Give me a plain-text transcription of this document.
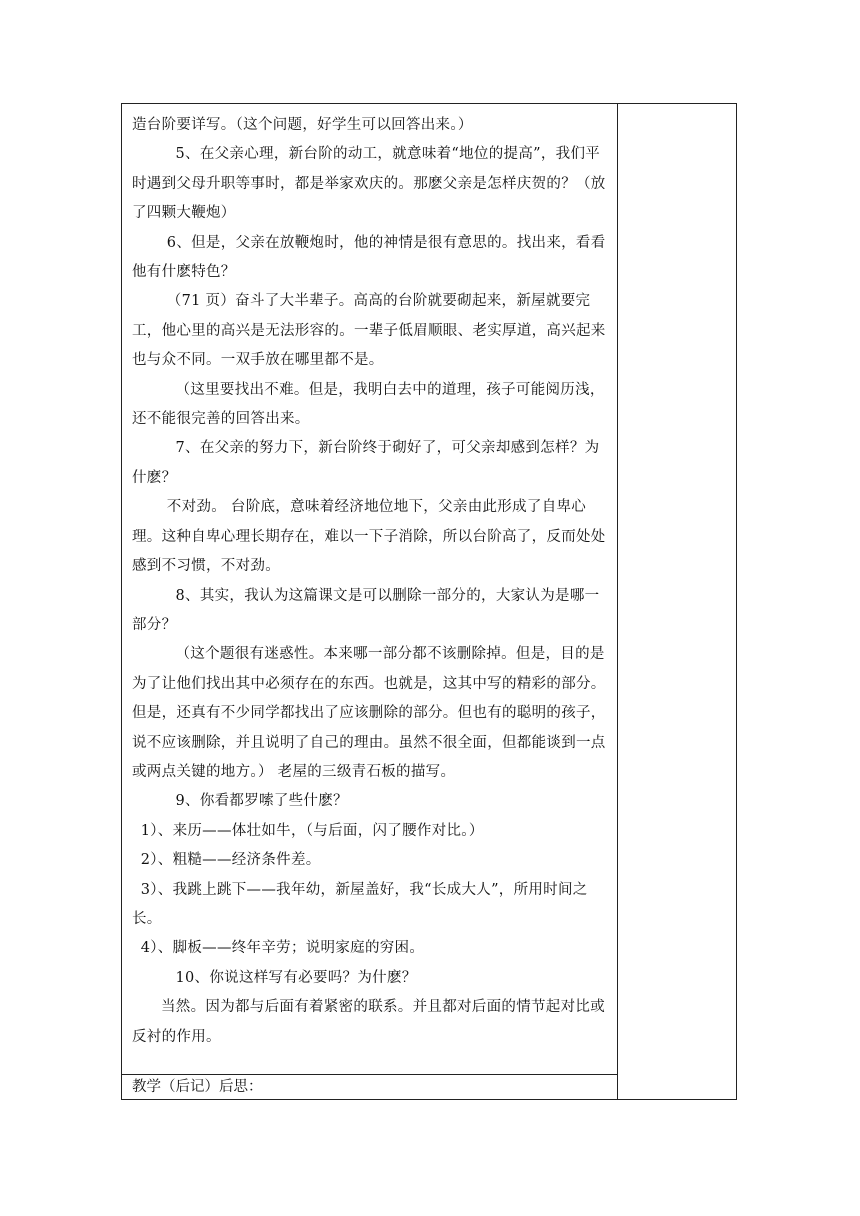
造台阶要详写。（这个问题，好学生可以回答出来。）

5、在父亲心理，新台阶的动工，就意味着“地位的提高”，我们平时遇到父母升职等事时，都是举家欢庆的。那麽父亲是怎样庆贺的？（放了四颗大鞭炮）

6、但是，父亲在放鞭炮时，他的神情是很有意思的。找出来，看看他有什麽特色？

（71 页）奋斗了大半辈子。高高的台阶就要砌起来，新屋就要完工，他心里的高兴是无法形容的。一辈子低眉顺眼、老实厚道，高兴起来也与众不同。一双手放在哪里都不是。

（这里要找出不难。但是，我明白去中的道理，孩子可能阅历浅，还不能很完善的回答出来。

7、在父亲的努力下，新台阶终于砌好了，可父亲却感到怎样？为什麽？

不对劲。 台阶底，意味着经济地位地下，父亲由此形成了自卑心理。这种自卑心理长期存在，难以一下子消除，所以台阶高了，反而处处感到不习惯，不对劲。

8、其实，我认为这篇课文是可以删除一部分的，大家认为是哪一部分？

（这个题很有迷惑性。本来哪一部分都不该删除掉。但是，目的是为了让他们找出其中必须存在的东西。也就是，这其中写的精彩的部分。但是，还真有不少同学都找出了应该删除的部分。但也有的聪明的孩子，说不应该删除，并且说明了自己的理由。虽然不很全面，但都能谈到一点或两点关键的地方。） 老屋的三级青石板的描写。

9、你看都罗嗦了些什麽？

1）、来历——体壮如牛，（与后面，闪了腰作对比。）

2）、粗糙——经济条件差。

3）、我跳上跳下——我年幼，新屋盖好，我“长成大人”，所用时间之长。

4）、脚板——终年辛劳；说明家庭的穷困。

10、你说这样写有必要吗？为什麽？

当然。因为都与后面有着紧密的联系。并且都对后面的情节起对比或反衬的作用。

教学（后记）后思：
